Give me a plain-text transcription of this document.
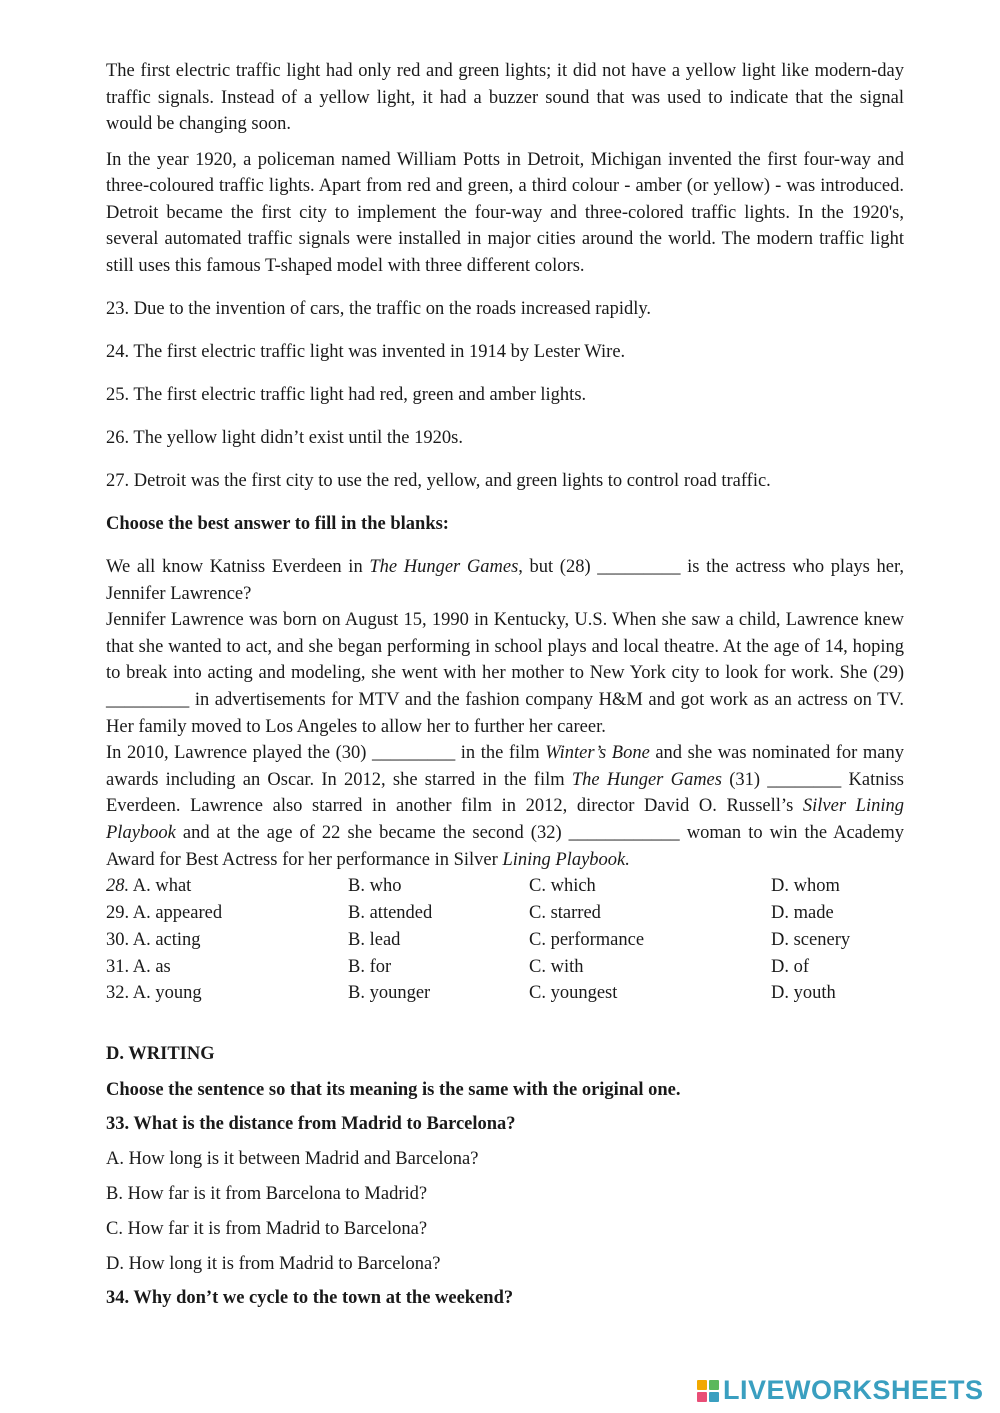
The first electric traffic light had only red and green lights; it did not have a yellow light like modern-day traffic signals. Instead of a yellow light, it had a buzzer sound that was used to indicate that the signal would be changing soon.

In the year 1920, a policeman named William Potts in Detroit, Michigan invented the first four-way and three-coloured traffic lights. Apart from red and green, a third colour - amber (or yellow) - was introduced. Detroit became the first city to implement the four-way and three-colored traffic lights. In the 1920's, several automated traffic signals were installed in major cities around the world. The modern traffic light still uses this famous T-shaped model with three different colors.

23. Due to the invention of cars, the traffic on the roads increased rapidly.

24. The first electric traffic light was invented in 1914 by Lester Wire.

25. The first electric traffic light had red, green and amber lights.

26. The yellow light didn’t exist until the 1920s.

27. Detroit was the first city to use the red, yellow, and green lights to control road traffic.

Choose the best answer to fill in the blanks:

We all know Katniss Everdeen in The Hunger Games, but (28) _________ is the actress who plays her, Jennifer Lawrence?

Jennifer Lawrence was born on August 15, 1990 in Kentucky, U.S. When she saw a child, Lawrence knew that she wanted to act, and she began performing in school plays and local theatre. At the age of 14, hoping to break into acting and modeling, she went with her mother to New York city to look for work. She (29) _________ in advertisements for MTV and the fashion company H&M and got work as an actress on TV. Her family moved to Los Angeles to allow her to further her career.

In 2010, Lawrence played the (30) _________ in the film Winter’s Bone and she was nominated for many awards including an Oscar. In 2012, she starred in the film The Hunger Games (31) ________ Katniss Everdeen. Lawrence also starred in another film in 2012, director David O. Russell’s Silver Lining Playbook and at the age of 22 she became the second (32) ____________ woman to win the Academy Award for Best Actress for her performance in Silver Lining Playbook.

28. A. what	B. who	C. which	D. whom
29. A. appeared	B. attended	C. starred	D. made
30. A. acting	B. lead	C. performance	D. scenery
31. A. as	B. for	C. with	D. of
32. A. young	B. younger	C. youngest	D. youth

D. WRITING

Choose the sentence so that its meaning is the same with the original one.

33. What is the distance from Madrid to Barcelona?

A. How long is it between Madrid and Barcelona?

B. How far is it from Barcelona to Madrid?

C. How far it is from Madrid to Barcelona?

D. How long it is from Madrid to Barcelona?

34. Why don’t we cycle to the town at the weekend?

LIVEWORKSHEETS
